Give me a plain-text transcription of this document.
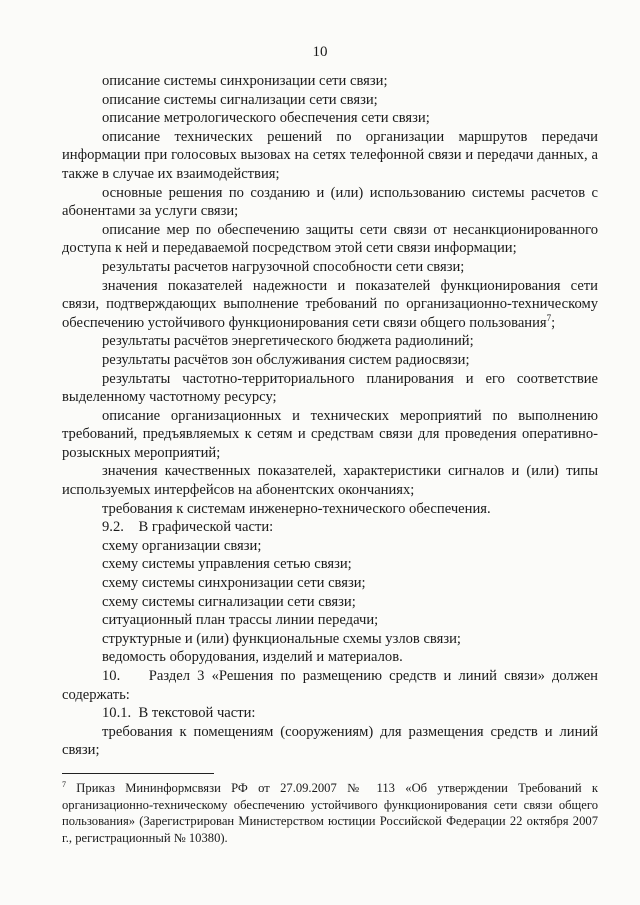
10

описание системы синхронизации сети связи;

описание системы сигнализации сети связи;

описание метрологического обеспечения сети связи;

описание технических решений по организации маршрутов передачи информации при голосовых вызовах на сетях телефонной связи и передачи данных, а также в случае их взаимодействия;

основные решения по созданию и (или) использованию системы расчетов с абонентами за услуги связи;

описание мер по обеспечению защиты сети связи от несанкционированного доступа к ней и передаваемой посредством этой сети связи информации;

результаты расчетов нагрузочной способности сети связи;

значения показателей надежности и показателей функционирования сети связи, подтверждающих выполнение требований по организационно-техническому обеспечению устойчивого функционирования сети связи общего пользования$^7$;

результаты расчётов энергетического бюджета радиолиний;

результаты расчётов зон обслуживания систем радиосвязи;

результаты частотно-территориального планирования и его соответствие выделенному частотному ресурсу;

описание организационных и технических мероприятий по выполнению требований, предъявляемых к сетям и средствам связи для проведения оперативно-розыскных мероприятий;

значения качественных показателей, характеристики сигналов и (или) типы используемых интерфейсов на абонентских окончаниях;

требования к системам инженерно-технического обеспечения.

9.2.    В графической части:

схему организации связи;

схему системы управления сетью связи;

схему системы синхронизации сети связи;

схему системы сигнализации сети связи;

ситуационный план трассы линии передачи;

структурные и (или) функциональные схемы узлов связи;

ведомость оборудования, изделий и материалов.

10.    Раздел 3 «Решения по размещению средств и линий связи» должен содержать:

10.1.  В текстовой части:

требования к помещениям (сооружениям) для размещения средств и линий связи;

$^7$ Приказ Мининформсвязи РФ от 27.09.2007 № 113 «Об утверждении Требований к организационно-техническому обеспечению устойчивого функционирования сети связи общего пользования» (Зарегистрирован Министерством юстиции Российской Федерации 22 октября 2007 г., регистрационный № 10380).
